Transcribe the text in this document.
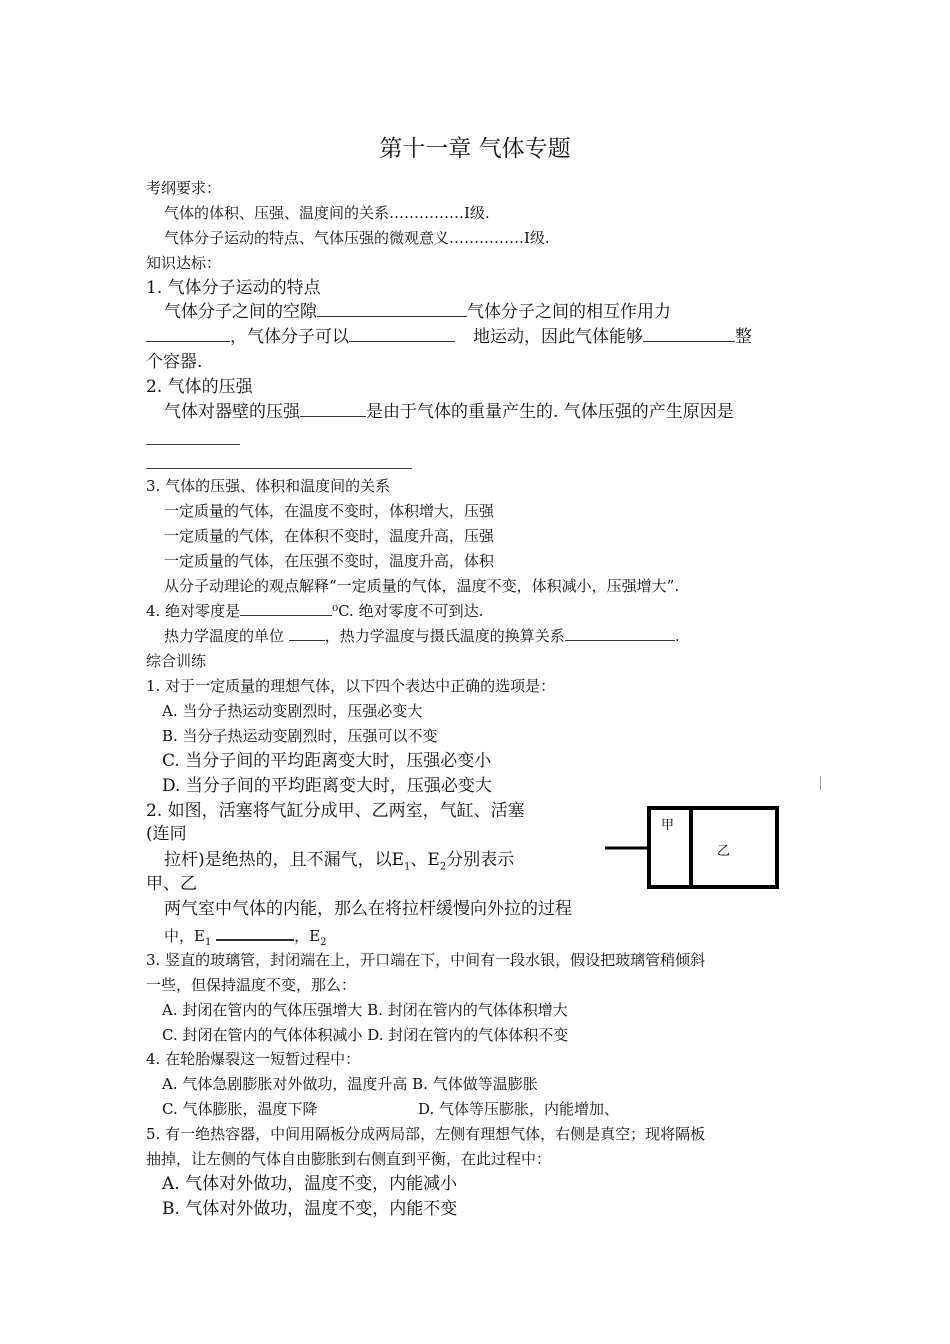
第十一章 气体专题
考纲要求：
气体的体积、压强、温度间的关系……………I级.
气体分子运动的特点、气体压强的微观意义……………I级.
知识达标：
1. 气体分子运动的特点
气体分子之间的空隙	气体分子之间的相互作用力
，气体分子可以	地运动，因此气体能够	整
个容器.
2. 气体的压强
气体对器壁的压强	是由于气体的重量产生的. 气体压强的产生原因是
3. 气体的压强、体积和温度间的关系
一定质量的气体，在温度不变时，体积增大，压强
一定质量的气体，在体积不变时，温度升高，压强
一定质量的气体，在压强不变时，温度升高，体积
从分子动理论的观点解释“一定质量的气体，温度不变，体积减小，压强增大”.
4. 绝对零度是	⁰C. 绝对零度不可到达.
热力学温度的单位	，热力学温度与摄氏温度的换算关系	.
综合训练
1. 对于一定质量的理想气体，以下四个表达中正确的选项是：
A. 当分子热运动变剧烈时，压强必变大
B. 当分子热运动变剧烈时，压强可以不变
C. 当分子间的平均距离变大时，压强必变小
D. 当分子间的平均距离变大时，压强必变大
2. 如图，活塞将气缸分成甲、乙两室，气缸、活塞
(连同
拉杆)是绝热的，且不漏气，以$E_1$、$E_2$分别表示
甲、乙
两气室中气体的内能，那么在将拉杆缓慢向外拉的过程
中，$E_1$	，$E_2$
甲
乙
3. 竖直的玻璃管，封闭端在上，开口端在下，中间有一段水银，假设把玻璃管稍倾斜
一些，但保持温度不变，那么：
A. 封闭在管内的气体压强增大 B. 封闭在管内的气体体积增大
C. 封闭在管内的气体体积减小 D. 封闭在管内的气体体积不变
4. 在轮胎爆裂这一短暂过程中：
A. 气体急剧膨胀对外做功，温度升高 B. 气体做等温膨胀
C. 气体膨胀，温度下降	D. 气体等压膨胀，内能增加、
5. 有一绝热容器，中间用隔板分成两局部，左侧有理想气体，右侧是真空；现将隔板
抽掉，让左侧的气体自由膨胀到右侧直到平衡，在此过程中：
A. 气体对外做功，温度不变，内能减小
B. 气体对外做功，温度不变，内能不变
